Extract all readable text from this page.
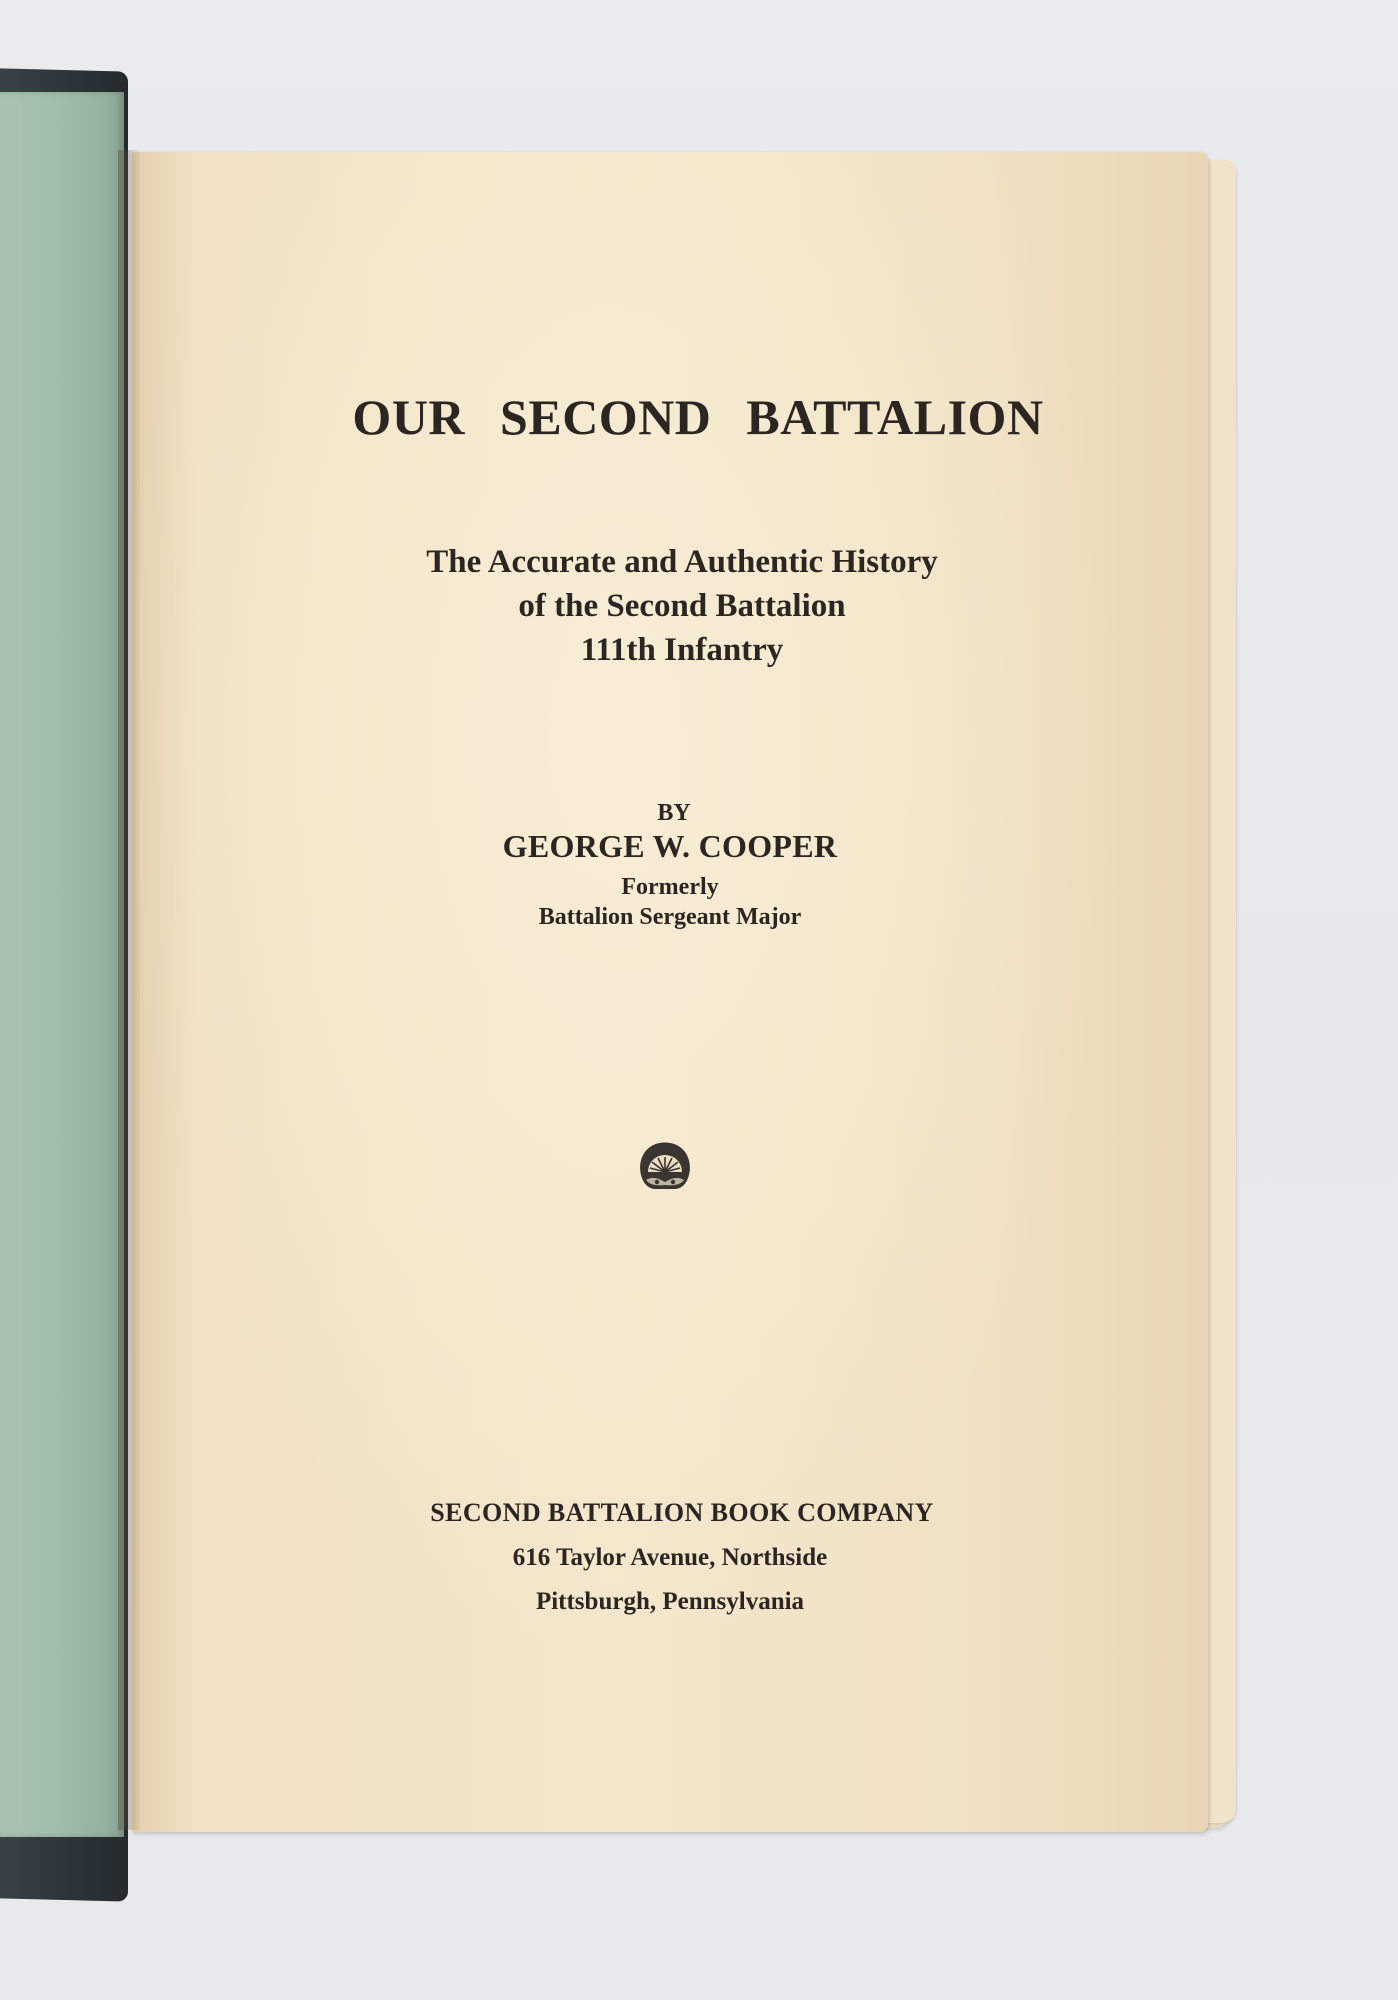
OUR SECOND BATTALION
The Accurate and Authentic History
of the Second Battalion
111th Infantry
BY
GEORGE W. COOPER
Formerly
Battalion Sergeant Major
SECOND BATTALION BOOK COMPANY
616 Taylor Avenue, Northside
Pittsburgh, Pennsylvania
